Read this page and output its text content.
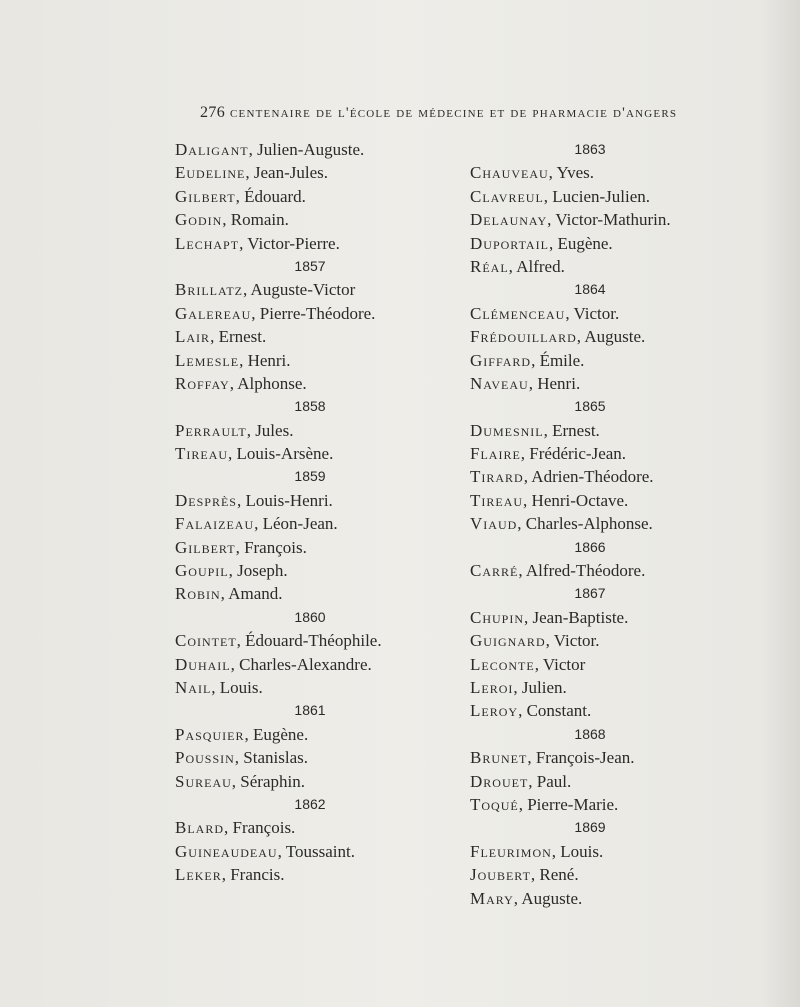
276 centenaire de l'école de médecine et de pharmacie d'angers
Daligant, Julien-Auguste.
Eudeline, Jean-Jules.
Gilbert, Édouard.
Godin, Romain.
Lechapt, Victor-Pierre.
1857
Brillatz, Auguste-Victor
Galereau, Pierre-Théodore.
Lair, Ernest.
Lemesle, Henri.
Roffay, Alphonse.
1858
Perrault, Jules.
Tireau, Louis-Arsène.
1859
Desprès, Louis-Henri.
Falaizeau, Léon-Jean.
Gilbert, François.
Goupil, Joseph.
Robin, Amand.
1860
Cointet, Édouard-Théophile.
Duhail, Charles-Alexandre.
Nail, Louis.
1861
Pasquier, Eugène.
Poussin, Stanislas.
Sureau, Séraphin.
1862
Blard, François.
Guineaudeau, Toussaint.
Leker, Francis.
1863
Chauveau, Yves.
Clavreul, Lucien-Julien.
Delaunay, Victor-Mathurin.
Duportail, Eugène.
Réal, Alfred.
1864
Clémenceau, Victor.
Frédouillard, Auguste.
Giffard, Émile.
Naveau, Henri.
1865
Dumesnil, Ernest.
Flaire, Frédéric-Jean.
Tirard, Adrien-Théodore.
Tireau, Henri-Octave.
Viaud, Charles-Alphonse.
1866
Carré, Alfred-Théodore.
1867
Chupin, Jean-Baptiste.
Guignard, Victor.
Leconte, Victor
Leroi, Julien.
Leroy, Constant.
1868
Brunet, François-Jean.
Drouet, Paul.
Toqué, Pierre-Marie.
1869
Fleurimon, Louis.
Joubert, René.
Mary, Auguste.
